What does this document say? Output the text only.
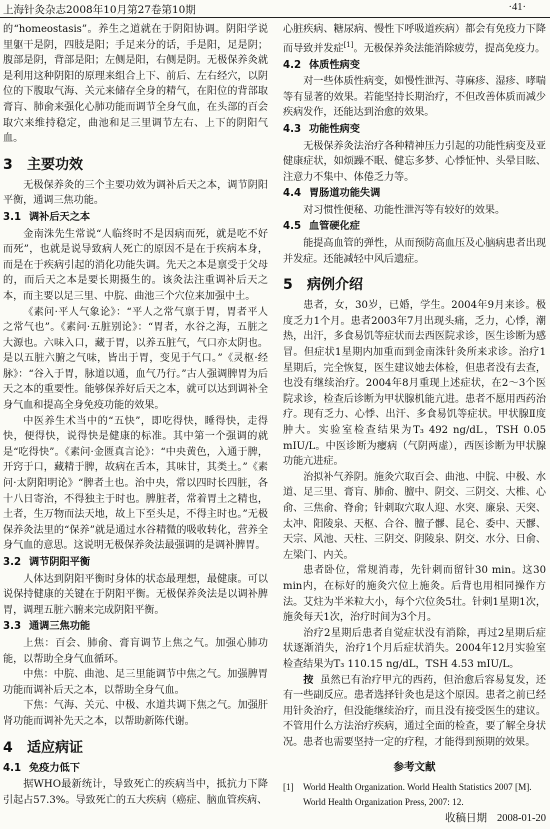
上海针灸杂志2008年10月第27卷第10期	·41·

的“homeostasis”。养生之道就在于阴阳协调。阴阳学说里躯干是阴，四肢是阳；手足来分的话，手是阳，足是阴；腹部是阴，背部是阳；左侧是阳，右侧是阴。无极保养灸就是利用这种阴阳的原理来组合上下、前后、左右经穴，以阴位的下腹取气海、关元来储存全身的精气，在阳位的背部取膏肓、肺俞来强化心肺功能而调节全身气血，在头部的百会取穴来维持稳定，曲池和足三里调节左右、上下的阴阳气血。

3 主要功效

无极保养灸的三个主要功效为调补后天之本，调节阴阳平衡，通调三焦功能。

3.1 调补后天之本

金南洙先生常说“人临终时不是因病而死，就是吃不好而死”，也就是说导致病人死亡的原因不是在于疾病本身，而是在于疾病引起的消化功能失调。先天之本是禀受于父母的，而后天之本是要长期摄生的。该灸法注重调补后天之本，而主要以足三里、中脘、曲池三个穴位来加强中土。

《素问·平人气象论》：“平人之常气禀于胃，胃者平人之常气也”。《素问·五脏别论》：“胃者，水谷之海，五脏之大源也。六味入口，藏于胃，以养五脏气，气口亦太阴也。是以五脏六腑之气味，皆出于胃，变见于气口。”《灵枢·经脉》：“谷入于胃，脉道以通，血气乃行。”古人强调脾胃为后天之本的重要性。能够保养好后天之本，就可以达到调补全身气血和提高全身免疫功能的效果。

中医养生术当中的“五快”，即吃得快，睡得快，走得快，便得快，说得快是健康的标准。其中第一个强调的就是“吃得快”。《素问·金匮真言论》：“中央黄色，入通于脾，开窍于口，藏精于脾，故病在舌本，其味甘，其类土。”《素问·太阴阳明论》“脾者土也。治中央，常以四时长四脏，各十八日寄治，不得独主于时也。脾脏者，常着胃土之精也，土者，生万物而法天地，故上下至头足，不得主时也。”无极保养灸法里的“保养”就是通过水谷精微的吸收转化，营养全身气血的意思。这说明无极保养灸法最强调的是调补脾胃。

3.2 调节阴阳平衡

人体达到阴阳平衡时身体的状态最理想，最健康。可以说保持健康的关键在于阴阳平衡。无极保养灸法是以调补脾胃，调理五脏六腑来完成阴阳平衡。

3.3 通调三焦功能

上焦：百会、肺俞、膏肓调节上焦之气。加强心肺功能，以帮助全身气血循环。

中焦：中脘、曲池、足三里能调节中焦之气。加强脾胃功能而调补后天之本，以帮助全身气血。

下焦：气海、关元、中极、水道共调下焦之气。加强肝肾功能而调补先天之本，以帮助新陈代谢。

4 适应病证
4.1 免疫力低下

据WHO最新统计，导致死亡的疾病当中，抵抗力下降引起占57.3%。导致死亡的五大疾病（癌症、脑血管疾病、

心脏疾病、糖尿病、慢性下呼吸道疾病）都会有免疫力下降而导致并发症[1]。无极保养灸法能消除疲劳，提高免疫力。

4.2 体质性病变

对一些体质性病变，如慢性泄泻、荨麻疹、湿疹、哮喘等有显著的效果。若能坚持长期治疗，不但改善体质而减少疾病发作，还能达到治愈的效果。

4.3 功能性病变

无极保养灸法治疗各种精神压力引起的功能性病变及亚健康症状，如烦躁不眠、健忘多梦、心悸怔忡、头晕目眩、注意力不集中、体倦乏力等。

4.4 胃肠道功能失调

对习惯性便秘、功能性泄泻等有较好的效果。

4.5 血管硬化症

能提高血管的弹性，从而预防高血压及心脑病患者出现并发症。还能减轻中风后遗症。

5 病例介绍

患者，女，30岁，已婚，学生。2004年9月来诊。极度乏力1个月。患者2003年7月出现头痛，乏力，心悸，潮热，出汗，多食易饥等症状而去西医院求诊，医生诊断为感冒。但症状1星期内加重而到金南洙针灸所来求诊。治疗1星期后，完全恢复，医生建议她去体检，但患者没有去查，也没有继续治疗。2004年8月重现上述症状，在2～3个医院求诊，检查后诊断为甲状腺机能亢进。患者不愿用西药治疗。现有乏力、心悸、出汗、多食易饥等症状。甲状腺Ⅱ度肿大。实验室检查结果为T₃ 492 ng/dL，TSH 0.05 mIU/L。中医诊断为瘿病（气阴两虚），西医诊断为甲状腺功能亢进症。

治拟补气养阴。施灸穴取百会、曲池、中脘、中极、水道、足三里、膏肓、肺俞、膻中、阴交、三阴交、大椎、心俞、三焦俞、脊俞；针刺取穴取人迎、水突、廉泉、天突、太冲、阳陵泉、天枢、合谷、膻子髎、昆仑、委中、天髎、天宗、风池、天柱、三阴交、阴陵泉、阴交、水分、日俞、左梁门、内关。

患者卧位，常规消毒，先针刺而留针30 min。这30 min内，在标好的施灸穴位上施灸。后背也用相同操作方法。艾炷为半米粒大小，每个穴位灸5壮。针刺1星期1次，施灸每天1次，治疗时间为3个月。

治疗2星期后患者自觉症状没有消除，再过2星期后症状逐渐消失，治疗1个月后症状消失。2004年12月实验室检查结果为T₃ 110.15 ng/dL，TSH 4.53 mIU/L。

按 虽然已有治疗甲亢的西药，但治愈后容易复发，还有一些副反应。患者选择针灸也是这个原因。患者之前已经用针灸治疗，但没能继续治疗，而且没有接受医生的建议。不管用什么方法治疗疾病，通过全面的检查，要了解全身状况。患者也需要坚持一定的疗程，才能得到预期的效果。

参考文献
[1] World Health Organization. World Health Statistics 2007 [M].
World Health Organization Press, 2007: 12.
收稿日期 2008-01-20
